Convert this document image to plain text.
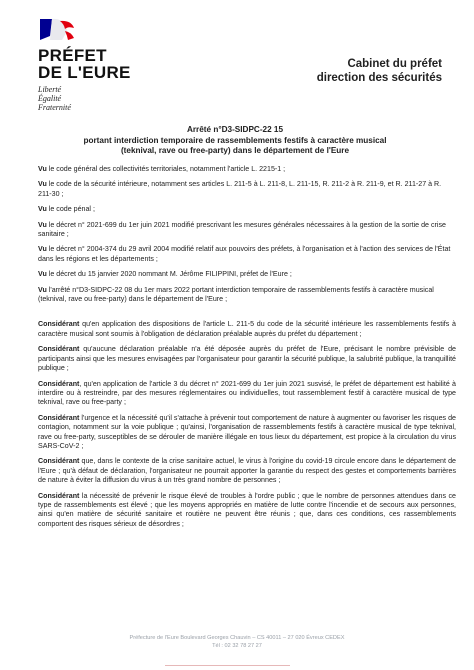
PRÉFET
DE L'EURE
Liberté
Égalité
Fraternité
Cabinet du préfet
direction des sécurités
Arrêté n°D3-SIDPC-22 15
portant interdiction temporaire de rassemblements festifs à caractère musical
(teknival, rave ou free-party) dans le département de l'Eure
Vu le code général des collectivités territoriales, notamment l'article L. 2215-1 ;
Vu le code de la sécurité intérieure, notamment ses articles L. 211-5 à L. 211-8, L. 211-15, R. 211-2 à R. 211-9, et R. 211-27 à R. 211-30 ;
Vu le code pénal ;
Vu le décret n° 2021-699 du 1er juin 2021 modifié prescrivant les mesures générales nécessaires à la gestion de la sortie de crise sanitaire ;
Vu le décret n° 2004-374 du 29 avril 2004 modifié relatif aux pouvoirs des préfets, à l'organisation et à l'action des services de l'État dans les régions et les départements ;
Vu le décret du 15 janvier 2020 nommant M. Jérôme FILIPPINI, préfet de l'Eure ;
Vu l'arrêté n°D3-SIDPC-22 08 du 1er mars 2022 portant interdiction temporaire de rassemblements festifs à caractère musical (teknival, rave ou free-party) dans le département de l'Eure ;
Considérant qu'en application des dispositions de l'article L. 211-5 du code de la sécurité intérieure les rassemblements festifs à caractère musical sont soumis à l'obligation de déclaration préalable auprès du préfet du département ;
Considérant qu'aucune déclaration préalable n'a été déposée auprès du préfet de l'Eure, précisant le nombre prévisible de participants ainsi que les mesures envisagées par l'organisateur pour garantir la sécurité publique, la salubrité publique, la tranquillité publique ;
Considérant, qu'en application de l'article 3 du décret n° 2021-699 du 1er juin 2021 susvisé, le préfet de département est habilité à interdire ou à restreindre, par des mesures réglementaires ou individuelles, tout rassemblement festif à caractère musical de type teknival, rave ou free-party ;
Considérant l'urgence et la nécessité qu'il s'attache à prévenir tout comportement de nature à augmenter ou favoriser les risques de contagion, notamment sur la voie publique ; qu'ainsi, l'organisation de rassemblements festifs à caractère musical de type teknival, rave ou free-party, susceptibles de se dérouler de manière illégale en tous lieux du département, est propice à la circulation du virus SARS-CoV-2 ;
Considérant que, dans le contexte de la crise sanitaire actuel, le virus à l'origine du covid-19 circule encore dans le département de l'Eure ; qu'à défaut de déclaration, l'organisateur ne pourrait apporter la garantie du respect des gestes et comportements barrières de nature à éviter la diffusion du virus à un très grand nombre de personnes ;
Considérant la nécessité de prévenir le risque élevé de troubles à l'ordre public ; que le nombre de personnes attendues dans ce type de rassemblements est élevé ; que les moyens appropriés en matière de lutte contre l'incendie et de secours aux personnes, ainsi qu'en matière de sécurité sanitaire et routière ne peuvent être réunis ; que, dans ces conditions, ces rassemblements comportent des risques sérieux de désordres ;
Préfecture de l'Eure Boulevard Georges Chauvin – CS 40011 – 27 020 Évreux CEDEX
Tél : 02 32 78 27 27
